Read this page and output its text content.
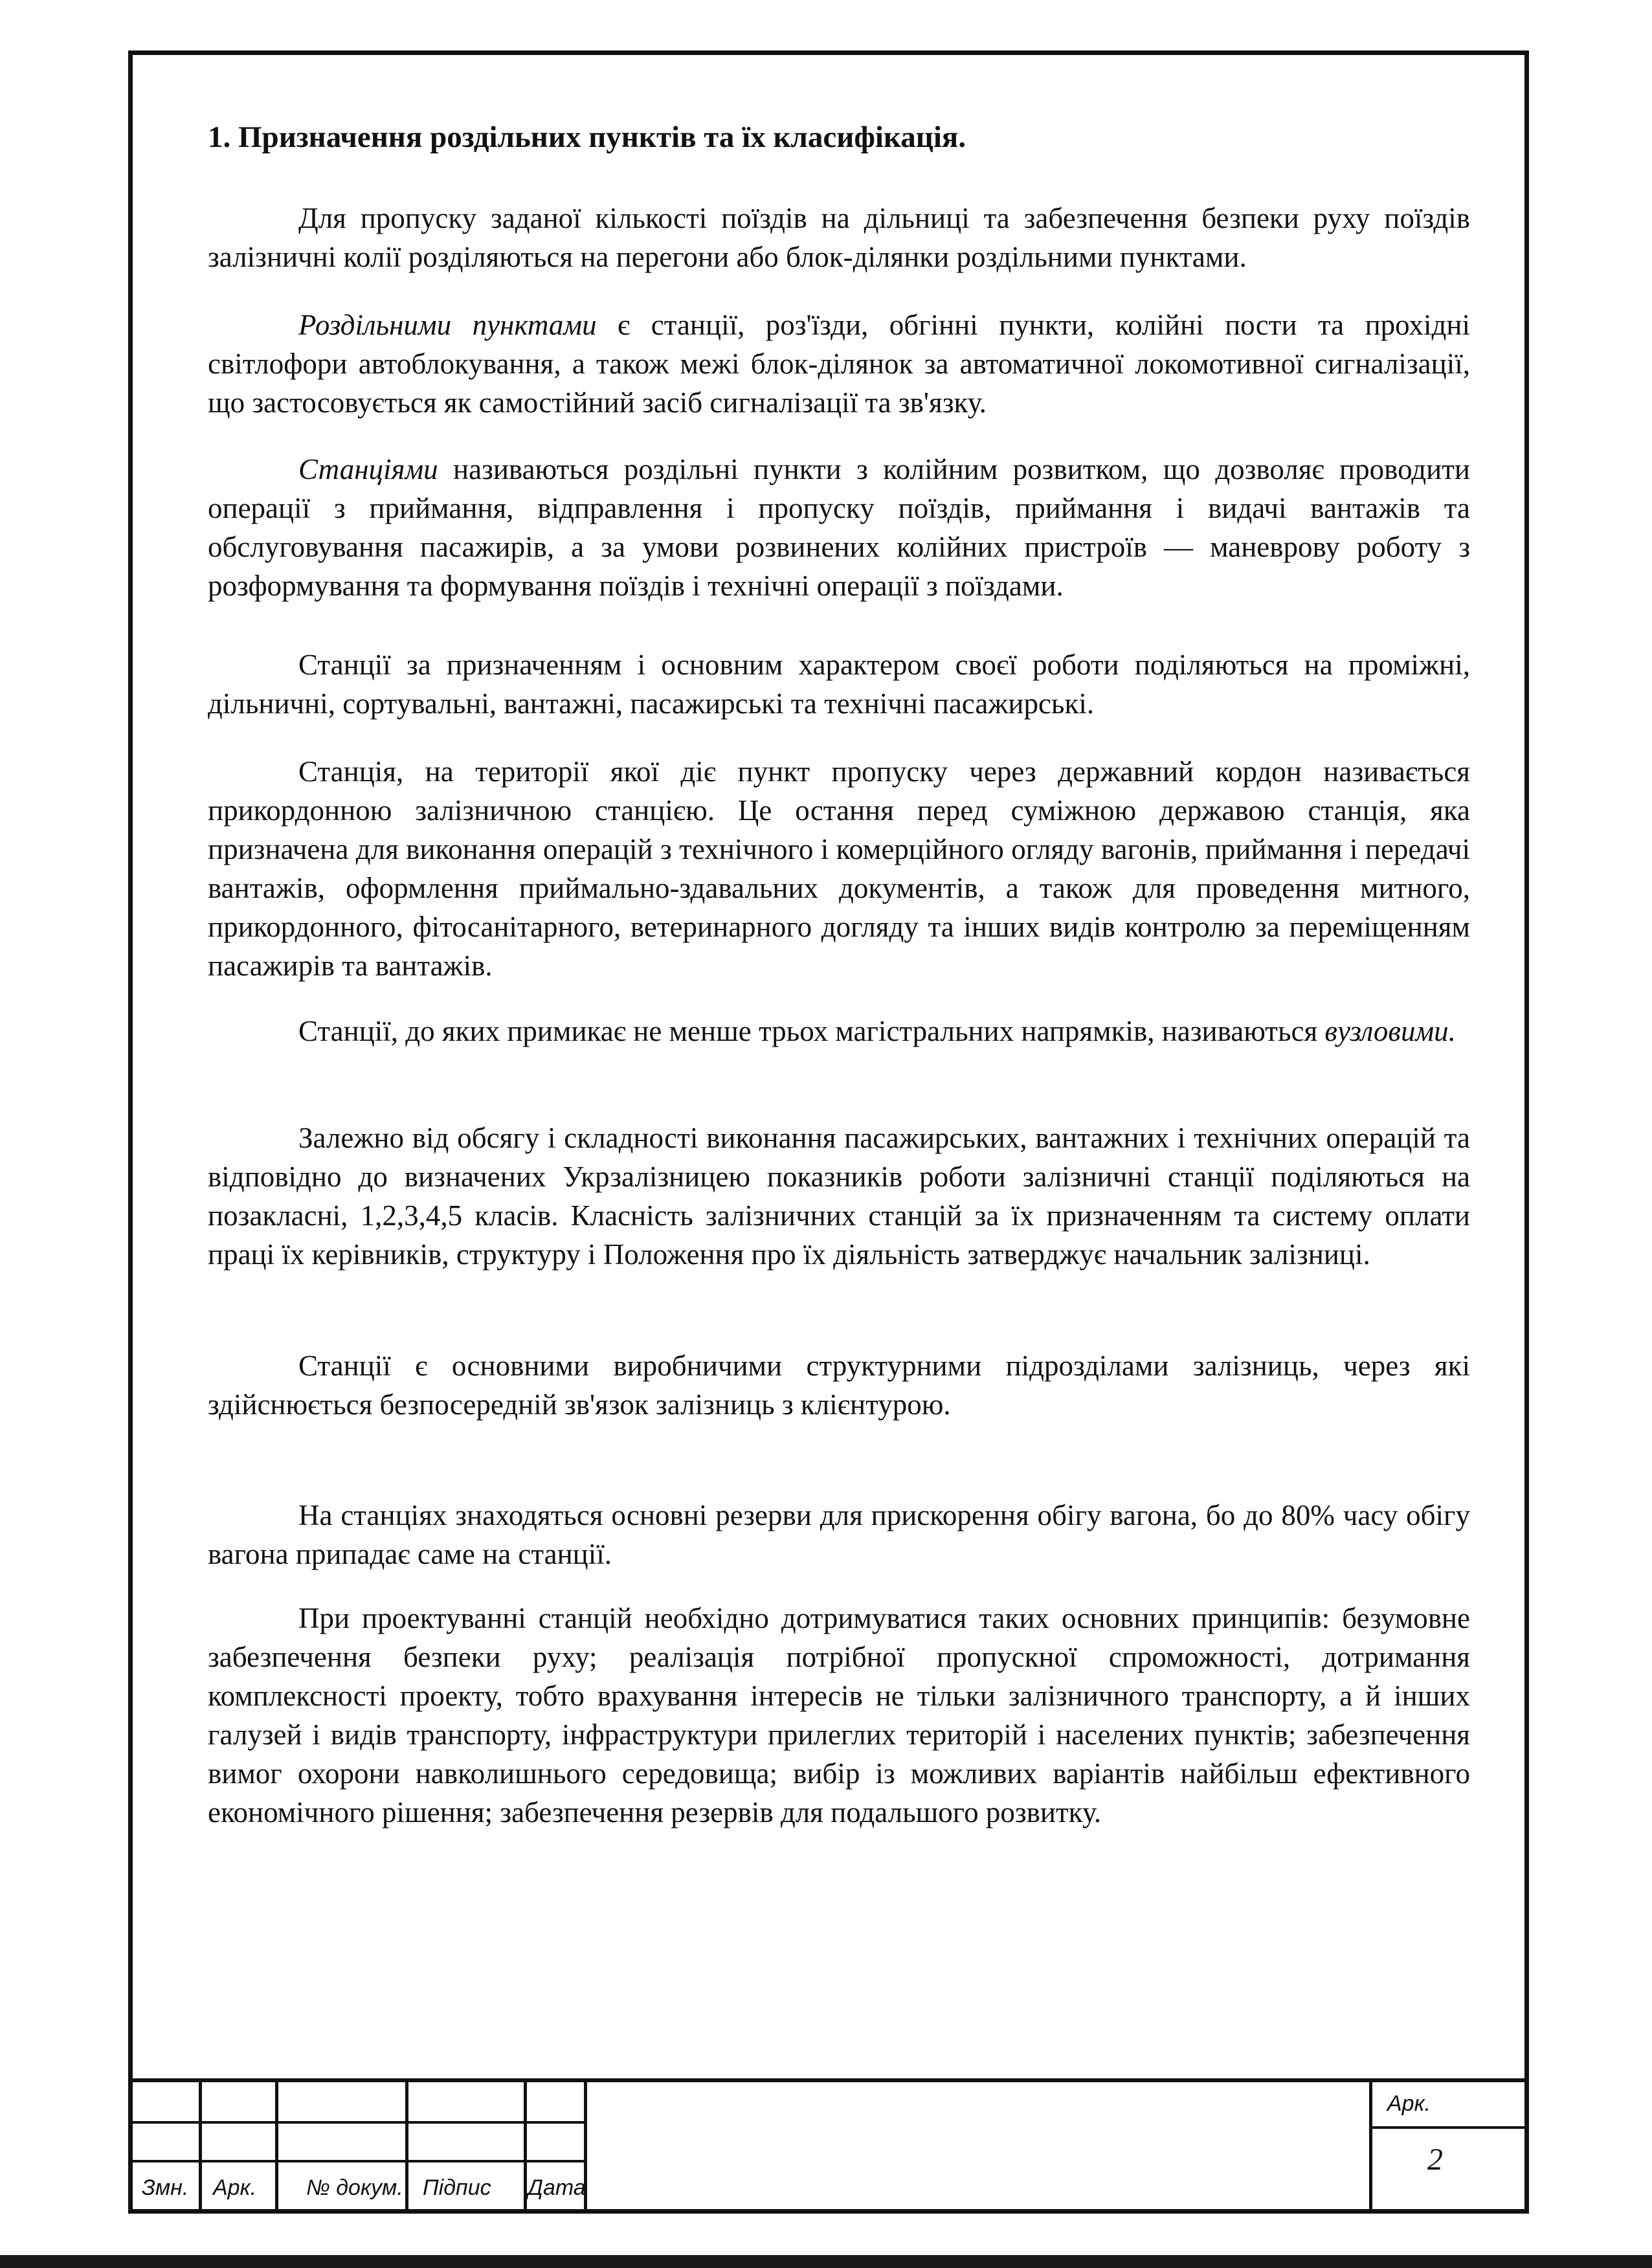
1. Призначення роздільних пунктів та їх класифікація.

Для пропуску заданої кількості поїздів на дільниці та забезпечення безпеки руху поїздів залізничні колії розділяються на перегони або блок-ділянки роздільними пунктами.

Роздільними пунктами є станції, роз'їзди, обгінні пункти, колійні пости та прохідні світлофори автоблокування, а також межі блок-ділянок за автоматичної локомотивної сигналізації, що застосовується як самостійний засіб сигналізації та зв'язку.

Станціями називаються роздільні пункти з колійним розвитком, що дозволяє проводити операції з приймання, відправлення і пропуску поїздів, приймання і видачі вантажів та обслуговування пасажирів, а за умови розвинених колійних пристроїв — маневрову роботу з розформування та формування поїздів і технічні операції з поїздами.

Станції за призначенням і основним характером своєї роботи поділяються на проміжні, дільничні, сортувальні, вантажні, пасажирські та технічні пасажирські.

Станція, на території якої діє пункт пропуску через державний кордон називається прикордонною залізничною станцією. Це остання перед суміжною державою станція, яка призначена для виконання операцій з технічного і комерційного огляду вагонів, приймання і передачі вантажів, оформлення приймально-здавальних документів, а також для проведення митного, прикордонного, фітосанітарного, ветеринарного догляду та інших видів контролю за переміщенням пасажирів та вантажів.

Станції, до яких примикає не менше трьох магістральних напрямків, називаються вузловими.

Залежно від обсягу і складності виконання пасажирських, вантажних і технічних операцій та відповідно до визначених Укрзалізницею показників роботи залізничні станції поділяються на позакласні, 1,2,3,4,5 класів. Класність залізничних станцій за їх призначенням та систему оплати праці їх керівників, структуру і Положення про їх діяльність затверджує начальник залізниці.

Станції є основними виробничими структурними підрозділами залізниць, через які здійснюється безпосередній зв'язок залізниць з клієнтурою.

На станціях знаходяться основні резерви для прискорення обігу вагона, бо до 80% часу обігу вагона припадає саме на станції.

При проектуванні станцій необхідно дотримуватися таких основних принципів: безумовне забезпечення безпеки руху; реалізація потрібної пропускної спроможності, дотримання комплексності проекту, тобто врахування інтересів не тільки залізничного транспорту, а й інших галузей і видів транспорту, інфраструктури прилеглих територій і населених пунктів; забезпечення вимог охорони навколишнього середовища; вибір із можливих варіантів найбільш ефективного економічного рішення; забезпечення резервів для подальшого розвитку.

Змн. Арк. № докум. Підпис Дата
Арк.
2
